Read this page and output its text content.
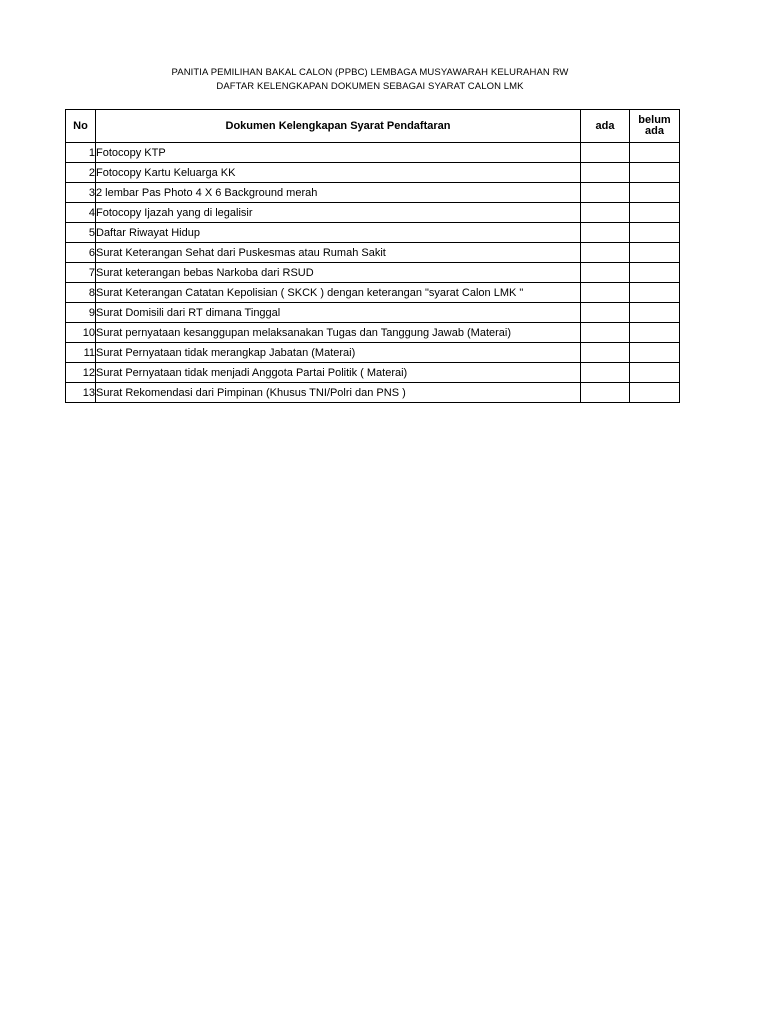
PANITIA PEMILIHAN BAKAL CALON (PPBC) LEMBAGA MUSYAWARAH KELURAHAN RW
DAFTAR KELENGKAPAN DOKUMEN SEBAGAI SYARAT CALON LMK
No	Dokumen Kelengkapan Syarat Pendaftaran	ada	belum ada
1	Fotocopy KTP		
2	Fotocopy Kartu Keluarga KK		
3	2 lembar Pas Photo 4 X 6 Background merah		
4	Fotocopy Ijazah yang di legalisir		
5	Daftar Riwayat Hidup		
6	Surat Keterangan Sehat dari Puskesmas atau Rumah Sakit		
7	Surat keterangan bebas Narkoba dari RSUD		
8	Surat Keterangan Catatan Kepolisian ( SKCK ) dengan keterangan "syarat Calon LMK "		
9	Surat Domisili dari RT dimana Tinggal		
10	Surat pernyataan kesanggupan melaksanakan Tugas dan Tanggung Jawab (Materai)		
11	Surat Pernyataan tidak merangkap Jabatan (Materai)		
12	Surat Pernyataan tidak menjadi Anggota Partai Politik ( Materai)		
13	Surat Rekomendasi dari Pimpinan (Khusus TNI/Polri dan PNS )		
